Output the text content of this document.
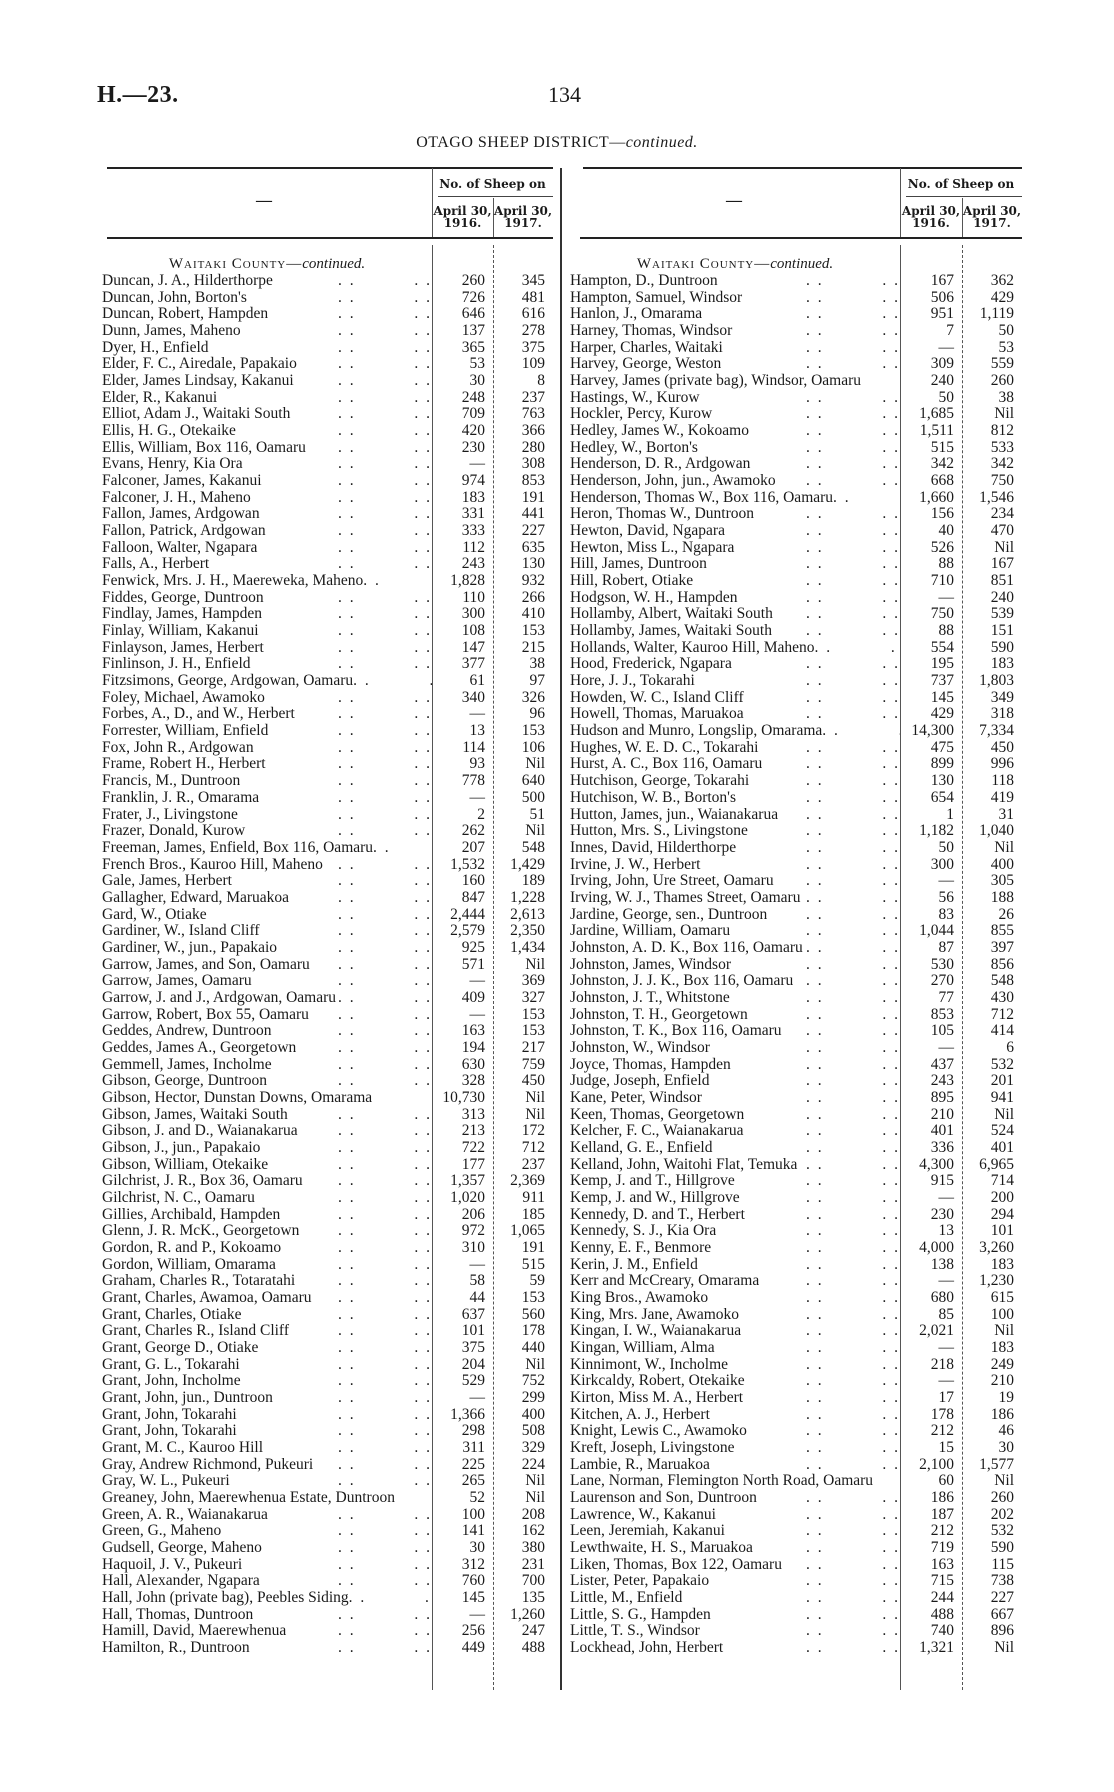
H.—23.	134
OTAGO SHEEP DISTRICT—continued.
No. of Sheep on
April 30,
1916.
April 30,
1917.
—
Waitaki County—continued.
Duncan, J. A., Hilderthorpe . .	260	345
Duncan, John, Borton's . .	726	481
Duncan, Robert, Hampden . .	646	616
Dunn, James, Maheno . .	137	278
Dyer, H., Enfield . .	365	375
Elder, F. C., Airedale, Papakaio . .	53	109
Elder, James Lindsay, Kakanui . .	30	8
Elder, R., Kakanui . .	248	237
Elliot, Adam J., Waitaki South . .	709	763
Ellis, H. G., Otekaike . .	420	366
Ellis, William, Box 116, Oamaru . .	230	280
Evans, Henry, Kia Ora . .	—	308
Falconer, James, Kakanui . .	974	853
Falconer, J. H., Maheno . .	183	191
Fallon, James, Ardgowan . .	331	441
Fallon, Patrick, Ardgowan . .	333	227
Falloon, Walter, Ngapara . .	112	635
Falls, A., Herbert . .	243	130
Fenwick, Mrs. J. H., Maereweka, Maheno . .	1,828	932
Fiddes, George, Duntroon . .	110	266
Findlay, James, Hampden . .	300	410
Finlay, William, Kakanui . .	108	153
Finlayson, James, Herbert . .	147	215
Finlinson, J. H., Enfield . .	377	38
Fitzsimons, George, Ardgowan, Oamaru . .	61	97
Foley, Michael, Awamoko . .	340	326
Forbes, A., D., and W., Herbert . .	—	96
Forrester, William, Enfield . .	13	153
Fox, John R., Ardgowan . .	114	106
Frame, Robert H., Herbert . .	93	Nil
Francis, M., Duntroon . .	778	640
Franklin, J. R., Omarama . .	—	500
Frater, J., Livingstone . .	2	51
Frazer, Donald, Kurow . .	262	Nil
Freeman, James, Enfield, Box 116, Oamaru . .	207	548
French Bros., Kauroo Hill, Maheno . .	1,532	1,429
Gale, James, Herbert . .	160	189
Gallagher, Edward, Maruakoa . .	847	1,228
Gard, W., Otiake . .	2,444	2,613
Gardiner, W., Island Cliff . .	2,579	2,350
Gardiner, W., jun., Papakaio . .	925	1,434
Garrow, James, and Son, Oamaru . .	571	Nil
Garrow, James, Oamaru . .	—	369
Garrow, J. and J., Ardgowan, Oamaru . .	409	327
Garrow, Robert, Box 55, Oamaru . .	—	153
Geddes, Andrew, Duntroon . .	163	153
Geddes, James A., Georgetown . .	194	217
Gemmell, James, Incholme . .	630	759
Gibson, George, Duntroon . .	328	450
Gibson, Hector, Dunstan Downs, Omarama	10,730	Nil
Gibson, James, Waitaki South . .	313	Nil
Gibson, J. and D., Waianakarua . .	213	172
Gibson, J., jun., Papakaio . .	722	712
Gibson, William, Otekaike . .	177	237
Gilchrist, J. R., Box 36, Oamaru . .	1,357	2,369
Gilchrist, N. C., Oamaru . .	1,020	911
Gillies, Archibald, Hampden . .	206	185
Glenn, J. R. McK., Georgetown . .	972	1,065
Gordon, R. and P., Kokoamo . .	310	191
Gordon, William, Omarama . .	—	515
Graham, Charles R., Totaratahi . .	58	59
Grant, Charles, Awamoa, Oamaru . .	44	153
Grant, Charles, Otiake . .	637	560
Grant, Charles R., Island Cliff . .	101	178
Grant, George D., Otiake . .	375	440
Grant, G. L., Tokarahi . .	204	Nil
Grant, John, Incholme . .	529	752
Grant, John, jun., Duntroon . .	—	299
Grant, John, Tokarahi . .	1,366	400
Grant, John, Tokarahi . .	298	508
Grant, M. C., Kauroo Hill . .	311	329
Gray, Andrew Richmond, Pukeuri . .	225	224
Gray, W. L., Pukeuri . .	265	Nil
Greaney, John, Maerewhenua Estate, Duntroon	52	Nil
Green, A. R., Waianakarua . .	100	208
Green, G., Maheno . .	141	162
Gudsell, George, Maheno . .	30	380
Haquoil, J. V., Pukeuri . .	312	231
Hall, Alexander, Ngapara . .	760	700
Hall, John (private bag), Peebles Siding . .	145	135
Hall, Thomas, Duntroon . .	—	1,260
Hamill, David, Maerewhenua . .	256	247
Hamilton, R., Duntroon . .	449	488
No. of Sheep on
April 30,
1916.
April 30,
1917.
—
Waitaki County—continued.
Hampton, D., Duntroon . .	167	362
Hampton, Samuel, Windsor . .	506	429
Hanlon, J., Omarama . .	951	1,119
Harney, Thomas, Windsor . .	7	50
Harper, Charles, Waitaki . .	—	53
Harvey, George, Weston . .	309	559
Harvey, James (private bag), Windsor, Oamaru	240	260
Hastings, W., Kurow . .	50	38
Hockler, Percy, Kurow . .	1,685	Nil
Hedley, James W., Kokoamo . .	1,511	812
Hedley, W., Borton's . .	515	533
Henderson, D. R., Ardgowan . .	342	342
Henderson, John, jun., Awamoko . .	668	750
Henderson, Thomas W., Box 116, Oamaru . .	1,660	1,546
Heron, Thomas W., Duntroon . .	156	234
Hewton, David, Ngapara . .	40	470
Hewton, Miss L., Ngapara . .	526	Nil
Hill, James, Duntroon . .	88	167
Hill, Robert, Otiake . .	710	851
Hodgson, W. H., Hampden . .	—	240
Hollamby, Albert, Waitaki South . .	750	539
Hollamby, James, Waitaki South . .	88	151
Hollands, Walter, Kauroo Hill, Maheno . .	554	590
Hood, Frederick, Ngapara . .	195	183
Hore, J. J., Tokarahi . .	737	1,803
Howden, W. C., Island Cliff . .	145	349
Howell, Thomas, Maruakoa . .	429	318
Hudson and Munro, Longslip, Omarama . .	14,300	7,334
Hughes, W. E. D. C., Tokarahi . .	475	450
Hurst, A. C., Box 116, Oamaru . .	899	996
Hutchison, George, Tokarahi . .	130	118
Hutchison, W. B., Borton's . .	654	419
Hutton, James, jun., Waianakarua . .	1	31
Hutton, Mrs. S., Livingstone . .	1,182	1,040
Innes, David, Hilderthorpe . .	50	Nil
Irvine, J. W., Herbert . .	300	400
Irving, John, Ure Street, Oamaru . .	—	305
Irving, W. J., Thames Street, Oamaru . .	56	188
Jardine, George, sen., Duntroon . .	83	26
Jardine, William, Oamaru . .	1,044	855
Johnston, A. D. K., Box 116, Oamaru . .	87	397
Johnston, James, Windsor . .	530	856
Johnston, J. J. K., Box 116, Oamaru . .	270	548
Johnston, J. T., Whitstone . .	77	430
Johnston, T. H., Georgetown . .	853	712
Johnston, T. K., Box 116, Oamaru . .	105	414
Johnston, W., Windsor . .	—	6
Joyce, Thomas, Hampden . .	437	532
Judge, Joseph, Enfield . .	243	201
Kane, Peter, Windsor . .	895	941
Keen, Thomas, Georgetown . .	210	Nil
Kelcher, F. C., Waianakarua . .	401	524
Kelland, G. E., Enfield . .	336	401
Kelland, John, Waitohi Flat, Temuka . .	4,300	6,965
Kemp, J. and T., Hillgrove . .	915	714
Kemp, J. and W., Hillgrove . .	—	200
Kennedy, D. and T., Herbert . .	230	294
Kennedy, S. J., Kia Ora . .	13	101
Kenny, E. F., Benmore . .	4,000	3,260
Kerin, J. M., Enfield . .	138	183
Kerr and McCreary, Omarama . .	—	1,230
King Bros., Awamoko . .	680	615
King, Mrs. Jane, Awamoko . .	85	100
Kingan, I. W., Waianakarua . .	2,021	Nil
Kingan, William, Alma . .	—	183
Kinnimont, W., Incholme . .	218	249
Kirkcaldy, Robert, Otekaike . .	—	210
Kirton, Miss M. A., Herbert . .	17	19
Kitchen, A. J., Herbert . .	178	186
Knight, Lewis C., Awamoko . .	212	46
Kreft, Joseph, Livingstone . .	15	30
Lambie, R., Maruakoa . .	2,100	1,577
Lane, Norman, Flemington North Road, Oamaru	60	Nil
Laurenson and Son, Duntroon . .	186	260
Lawrence, W., Kakanui . .	187	202
Leen, Jeremiah, Kakanui . .	212	532
Lewthwaite, H. S., Maruakoa . .	719	590
Liken, Thomas, Box 122, Oamaru . .	163	115
Lister, Peter, Papakaio . .	715	738
Little, M., Enfield . .	244	227
Little, S. G., Hampden . .	488	667
Little, T. S., Windsor . .	740	896
Lockhead, John, Herbert . .	1,321	Nil
